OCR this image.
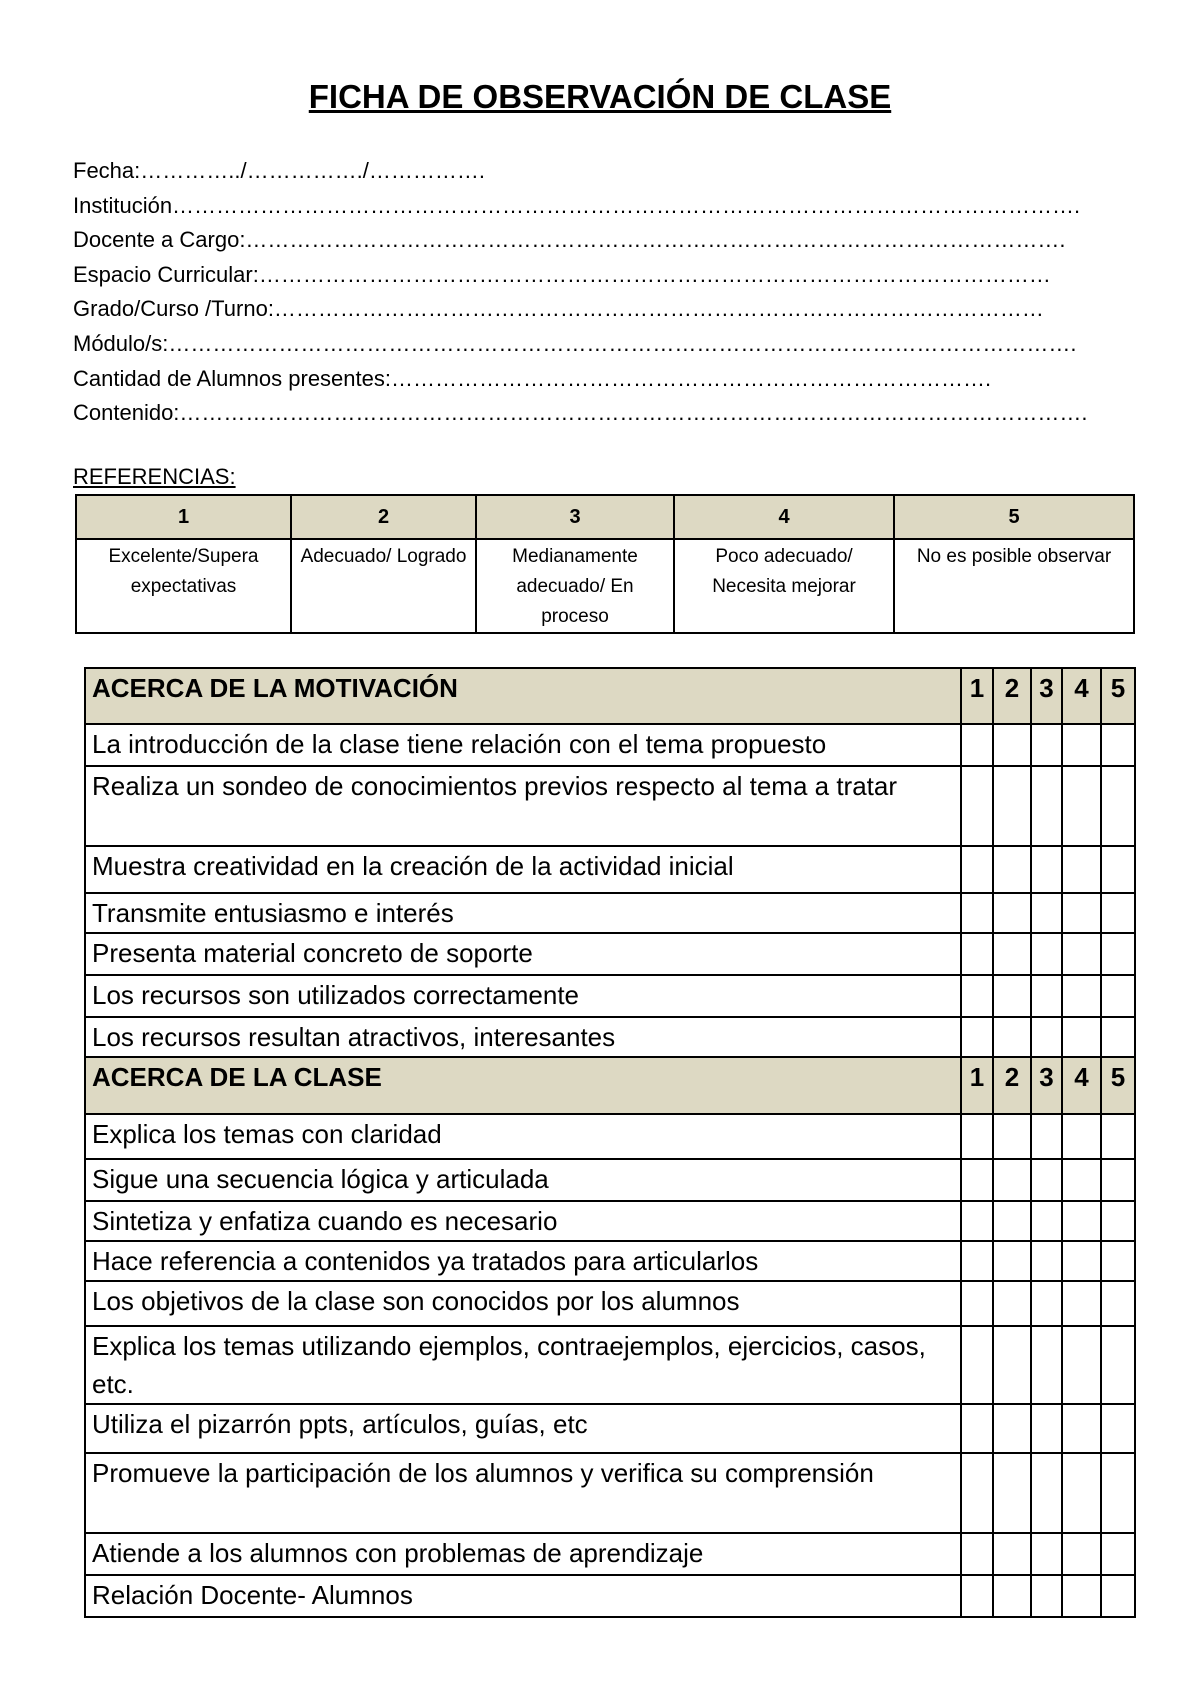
FICHA DE OBSERVACIÓN DE CLASE
Fecha:…………../……………./…………….
Institución…………………………………………………………………………………………………………….
Docente a Cargo:………………………………………………………………………………………………….
Espacio Curricular:………………………………………………………………………………………………
Grado/Curso /Turno:……………………………………………………………………………………………
Módulo/s:…………………………………………………………………………………………………………….
Cantidad de Alumnos presentes:……………………………………………………………………….
Contenido:…………………………………………………………………………………………………………….
REFERENCIAS:
1	2	3	4	5
Excelente/Supera expectativas	Adecuado/ Logrado	Medianamente adecuado/ En proceso	Poco adecuado/ Necesita mejorar	No es posible observar
ACERCA DE LA MOTIVACIÓN	1	2	3	4	5
La introducción de la clase tiene relación con el tema propuesto					
Realiza un sondeo de conocimientos previos respecto al tema a tratar					
Muestra creatividad en la creación de la actividad inicial					
Transmite entusiasmo e interés					
Presenta material concreto de soporte					
Los recursos son utilizados correctamente					
Los recursos resultan atractivos, interesantes					
ACERCA DE LA CLASE	1	2	3	4	5
Explica los temas con claridad					
Sigue una secuencia lógica y articulada					
Sintetiza y enfatiza cuando es necesario					
Hace referencia a contenidos ya tratados para articularlos					
Los objetivos de la clase son conocidos por los alumnos					
Explica los temas utilizando ejemplos, contraejemplos, ejercicios, casos, etc.					
Utiliza el pizarrón ppts, artículos, guías, etc					
Promueve la participación de los alumnos y verifica su comprensión					
Atiende a los alumnos con problemas de aprendizaje					
Relación Docente- Alumnos					
